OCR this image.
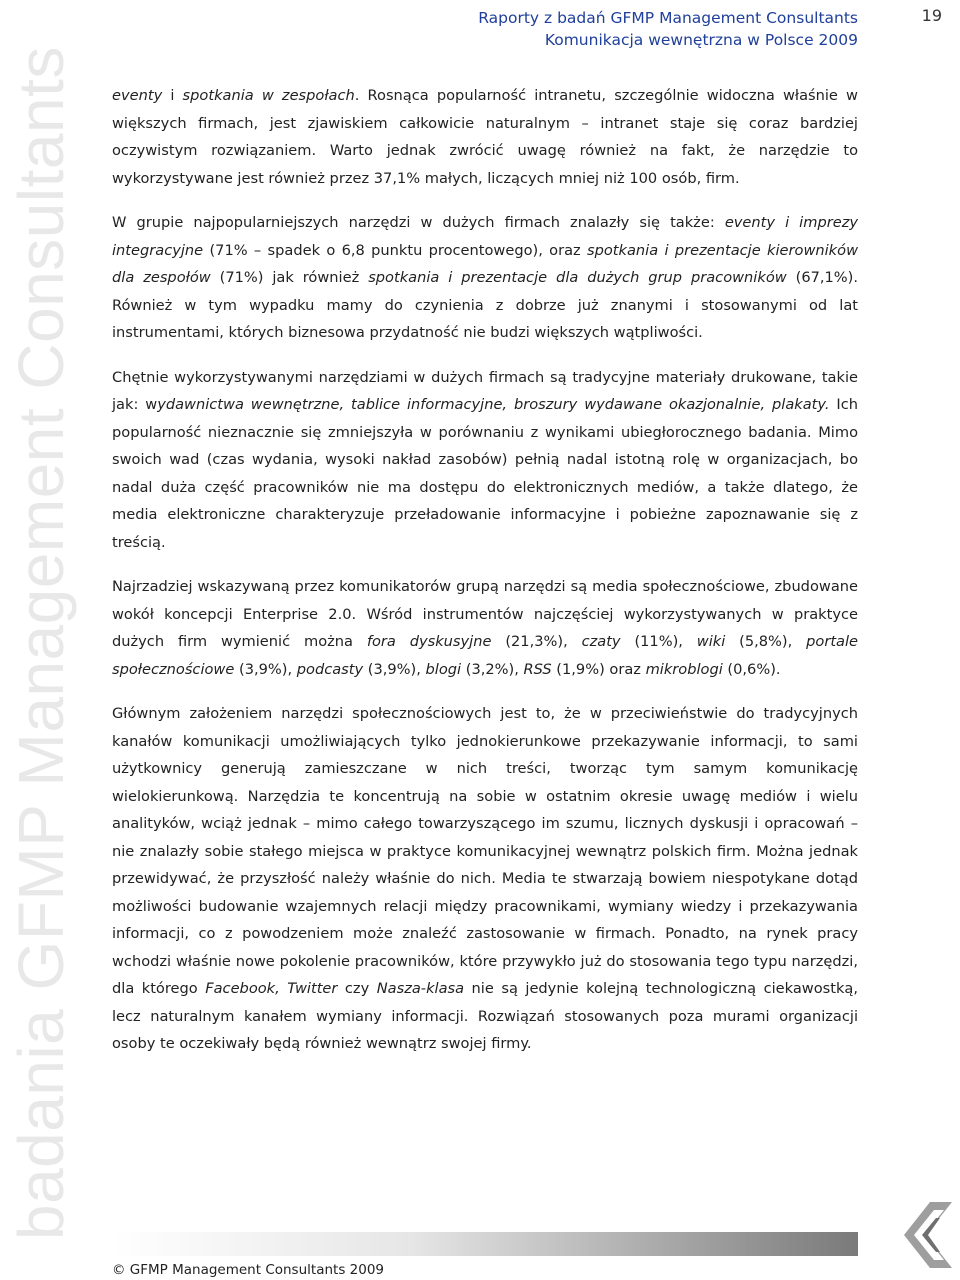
badania GFMP Management Consultants
Raporty z badań GFMP Management Consultants
Komunikacja wewnętrzna w Polsce 2009
19

eventy i spotkania w zespołach. Rosnąca popularność intranetu, szczególnie widoczna właśnie w większych firmach, jest zjawiskiem całkowicie naturalnym – intranet staje się coraz bardziej oczywistym rozwiązaniem. Warto jednak zwrócić uwagę również na fakt, że narzędzie to wykorzystywane jest również przez 37,1% małych, liczących mniej niż 100 osób, firm.

W grupie najpopularniejszych narzędzi w dużych firmach znalazły się także: eventy i imprezy integracyjne (71% – spadek o 6,8 punktu procentowego), oraz spotkania i prezentacje kierowników dla zespołów (71%) jak również spotkania i prezentacje dla dużych grup pracowników (67,1%). Również w tym wypadku mamy do czynienia z dobrze już znanymi i stosowanymi od lat instrumentami, których biznesowa przydatność nie budzi większych wątpliwości.

Chętnie wykorzystywanymi narzędziami w dużych firmach są tradycyjne materiały drukowane, takie jak: wydawnictwa wewnętrzne, tablice informacyjne, broszury wydawane okazjonalnie, plakaty. Ich popularność nieznacznie się zmniejszyła w porównaniu z wynikami ubiegłorocznego badania. Mimo swoich wad (czas wydania, wysoki nakład zasobów) pełnią nadal istotną rolę w organizacjach, bo nadal duża część pracowników nie ma dostępu do elektronicznych mediów, a także dlatego, że media elektroniczne charakteryzuje przeładowanie informacyjne i pobieżne zapoznawanie się z treścią.

Najrzadziej wskazywaną przez komunikatorów grupą narzędzi są media społecznościowe, zbudowane wokół koncepcji Enterprise 2.0. Wśród instrumentów najczęściej wykorzystywanych w praktyce dużych firm wymienić można fora dyskusyjne (21,3%), czaty (11%), wiki (5,8%), portale społecznościowe (3,9%), podcasty (3,9%), blogi (3,2%), RSS (1,9%) oraz mikroblogi (0,6%).

Głównym założeniem narzędzi społecznościowych jest to, że w przeciwieństwie do tradycyjnych kanałów komunikacji umożliwiających tylko jednokierunkowe przekazywanie informacji, to sami użytkownicy generują zamieszczane w nich treści, tworząc tym samym komunikację wielokierunkową. Narzędzia te koncentrują na sobie w ostatnim okresie uwagę mediów i wielu analityków, wciąż jednak – mimo całego towarzyszącego im szumu, licznych dyskusji i opracowań – nie znalazły sobie stałego miejsca w praktyce komunikacyjnej wewnątrz polskich firm. Można jednak przewidywać, że przyszłość należy właśnie do nich. Media te stwarzają bowiem niespotykane dotąd możliwości budowanie wzajemnych relacji między pracownikami, wymiany wiedzy i przekazywania informacji, co z powodzeniem może znaleźć zastosowanie w firmach. Ponadto, na rynek pracy wchodzi właśnie nowe pokolenie pracowników, które przywykło już do stosowania tego typu narzędzi, dla którego Facebook, Twitter czy Nasza-klasa nie są jedynie kolejną technologiczną ciekawostką, lecz naturalnym kanałem wymiany informacji. Rozwiązań stosowanych poza murami organizacji osoby te oczekiwały będą również wewnątrz swojej firmy.

© GFMP Management Consultants 2009
